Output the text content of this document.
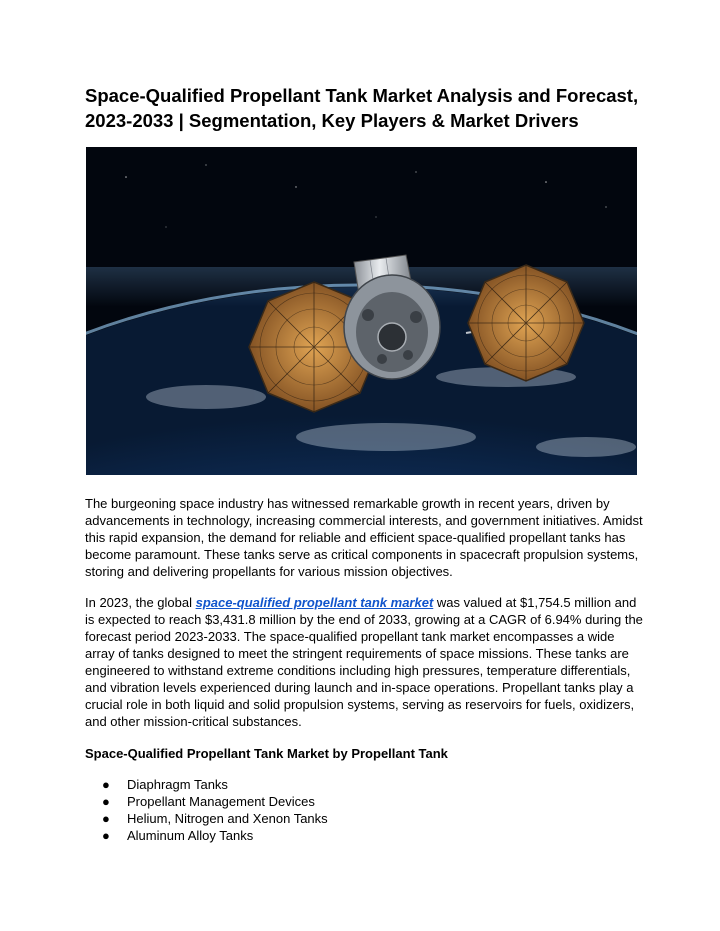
Space-Qualified Propellant Tank Market Analysis and Forecast, 2023-2033 | Segmentation, Key Players & Market Drivers

The burgeoning space industry has witnessed remarkable growth in recent years, driven by advancements in technology, increasing commercial interests, and government initiatives. Amidst this rapid expansion, the demand for reliable and efficient space-qualified propellant tanks has become paramount. These tanks serve as critical components in spacecraft propulsion systems, storing and delivering propellants for various mission objectives.

In 2023, the global space-qualified propellant tank market was valued at $1,754.5 million and is expected to reach $3,431.8 million by the end of 2033, growing at a CAGR of 6.94% during the forecast period 2023-2033. The space-qualified propellant tank market encompasses a wide array of tanks designed to meet the stringent requirements of space missions. These tanks are engineered to withstand extreme conditions including high pressures, temperature differentials, and vibration levels experienced during launch and in-space operations. Propellant tanks play a crucial role in both liquid and solid propulsion systems, serving as reservoirs for fuels, oxidizers, and other mission-critical substances.

Space-Qualified Propellant Tank Market by Propellant Tank
● Diaphragm Tanks
● Propellant Management Devices
● Helium, Nitrogen and Xenon Tanks
● Aluminum Alloy Tanks
